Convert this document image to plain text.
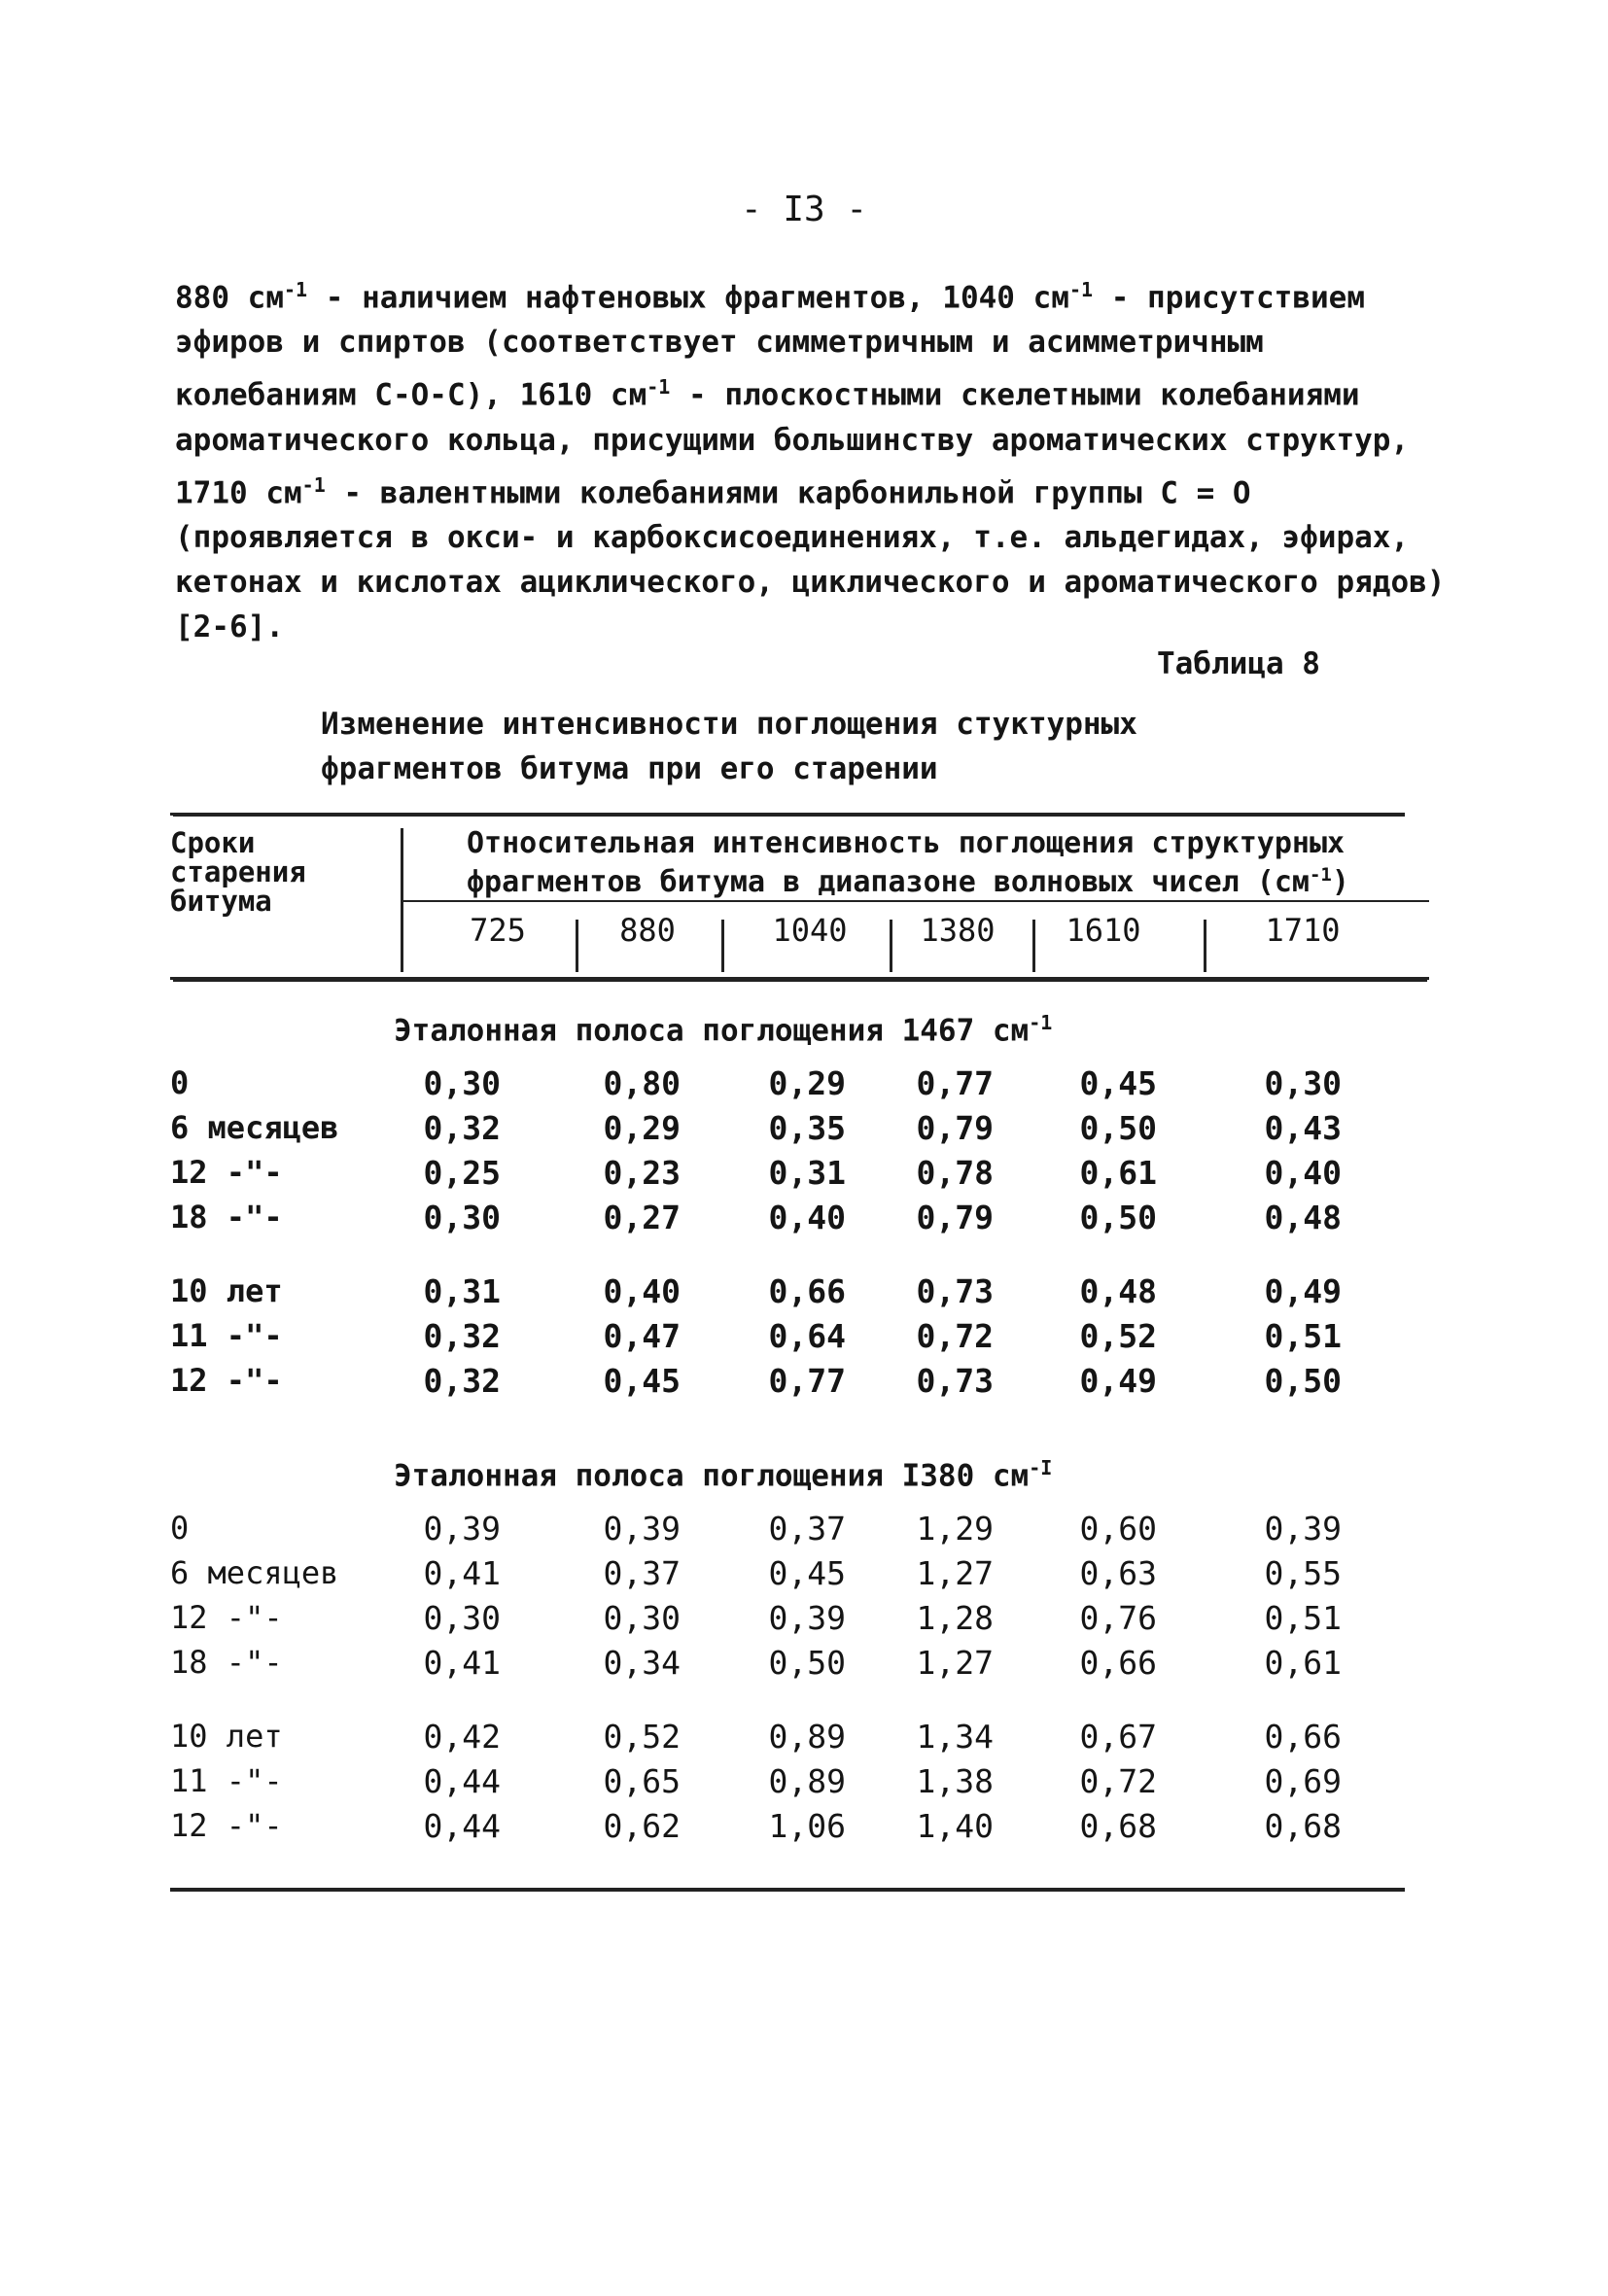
- I3 -
880 $см^{-1}$ - наличием нафтеновых фрагментов, 1040 $см^{-1}$ - присутствием эфиров и спиртов (соответствует симметричным и асимметричным колебаниям С-О-С), 1610 $см^{-1}$ - плоскостными скелетными колебаниями ароматического кольца, присущими большинству ароматических структур, 1710 $см^{-1}$ - валентными колебаниями карбонильной группы С = О (проявляется в окси- и карбоксисоединениях, т.е. альдегидах, эфирах, кетонах и кислотах ациклического, циклического и ароматического рядов) [2-6].
Таблица 8
Изменение интенсивности поглощения стуктурных
фрагментов битума при его старении
Сроки
старения
битума
Относительная интенсивность поглощения структурных
фрагментов битума в диапазоне волновых чисел $(см^{-1})$
725	880	1040	1380	1610	1710
Эталонная полоса поглощения 1467 $см^{-1}$
0	0,30	0,80	0,29	0,77	0,45	0,30
6 месяцев	0,32	0,29	0,35	0,79	0,50	0,43
12 -"-	0,25	0,23	0,31	0,78	0,61	0,40
18 -"-	0,30	0,27	0,40	0,79	0,50	0,48
10 лет	0,31	0,40	0,66	0,73	0,48	0,49
11 -"-	0,32	0,47	0,64	0,72	0,52	0,51
12 -"-	0,32	0,45	0,77	0,73	0,49	0,50
Эталонная полоса поглощения I380 $см^{-I}$
0	0,39	0,39	0,37	1,29	0,60	0,39
6 месяцев	0,41	0,37	0,45	1,27	0,63	0,55
12 -"-	0,30	0,30	0,39	1,28	0,76	0,51
18 -"-	0,41	0,34	0,50	1,27	0,66	0,61
10 лет	0,42	0,52	0,89	1,34	0,67	0,66
11 -"-	0,44	0,65	0,89	1,38	0,72	0,69
12 -"-	0,44	0,62	1,06	1,40	0,68	0,68
